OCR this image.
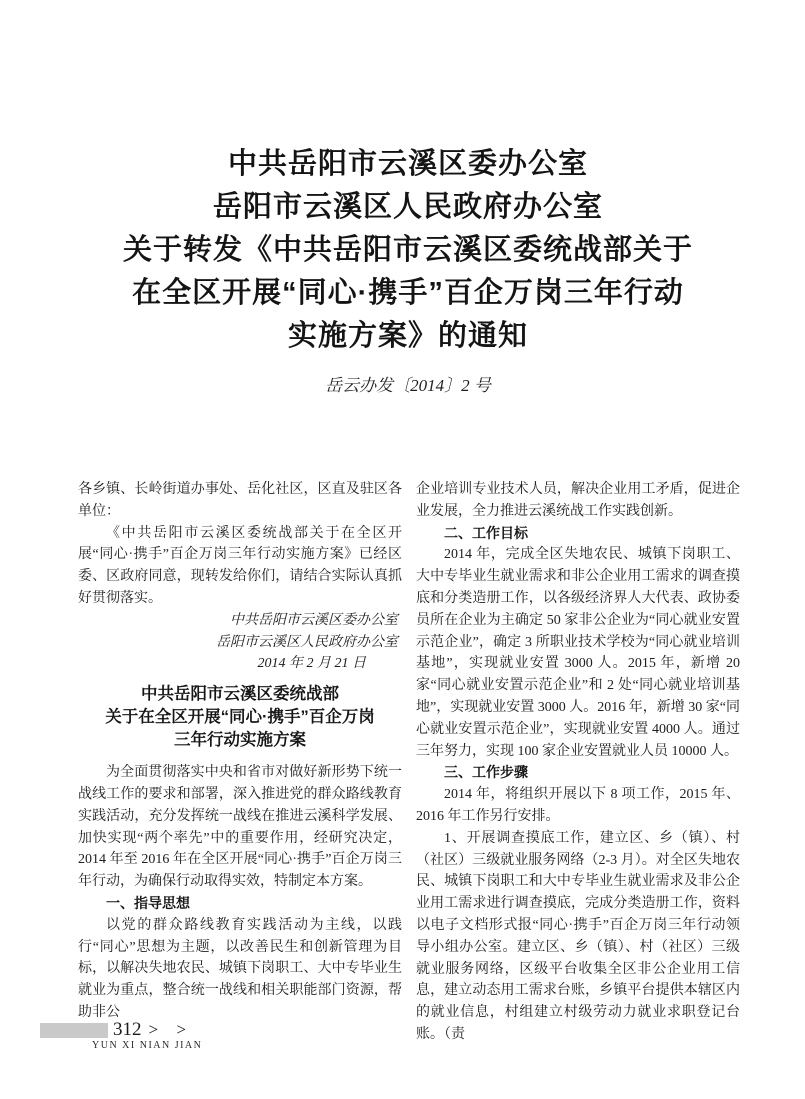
中共岳阳市云溪区委办公室
岳阳市云溪区人民政府办公室
关于转发《中共岳阳市云溪区委统战部关于
在全区开展“同心·携手”百企万岗三年行动
实施方案》的通知
岳云办发〔2014〕2 号

各乡镇、长岭街道办事处、岳化社区，区直及驻区各单位：

《中共岳阳市云溪区委统战部关于在全区开展“同心·携手”百企万岗三年行动实施方案》已经区委、区政府同意，现转发给你们，请结合实际认真抓好贯彻落实。

中共岳阳市云溪区委办公室
岳阳市云溪区人民政府办公室
2014 年 2 月 21 日
中共岳阳市云溪区委统战部
关于在全区开展“同心·携手”百企万岗
三年行动实施方案

为全面贯彻落实中央和省市对做好新形势下统一战线工作的要求和部署，深入推进党的群众路线教育实践活动，充分发挥统一战线在推进云溪科学发展、加快实现“两个率先”中的重要作用，经研究决定，2014 年至 2016 年在全区开展“同心·携手”百企万岗三年行动，为确保行动取得实效，特制定本方案。

一、指导思想

以党的群众路线教育实践活动为主线，以践行“同心”思想为主题，以改善民生和创新管理为目标，以解决失地农民、城镇下岗职工、大中专毕业生就业为重点，整合统一战线和相关职能部门资源，帮助非公

企业培训专业技术人员，解决企业用工矛盾，促进企业发展，全力推进云溪统战工作实践创新。

二、工作目标

2014 年，完成全区失地农民、城镇下岗职工、大中专毕业生就业需求和非公企业用工需求的调查摸底和分类造册工作，以各级经济界人大代表、政协委员所在企业为主确定 50 家非公企业为“同心就业安置示范企业”，确定 3 所职业技术学校为“同心就业培训基地”，实现就业安置 3000 人。2015 年，新增 20 家“同心就业安置示范企业”和 2 处“同心就业培训基地”，实现就业安置 3000 人。2016 年，新增 30 家“同心就业安置示范企业”，实现就业安置 4000 人。通过三年努力，实现 100 家企业安置就业人员 10000 人。

三、工作步骤

2014 年，将组织开展以下 8 项工作，2015 年、2016 年工作另行安排。

1、开展调查摸底工作，建立区、乡（镇）、村（社区）三级就业服务网络（2-3 月）。对全区失地农民、城镇下岗职工和大中专毕业生就业需求及非公企业用工需求进行调查摸底，完成分类造册工作，资料以电子文档形式报“同心·携手”百企万岗三年行动领导小组办公室。建立区、乡（镇）、村（社区）三级就业服务网络，区级平台收集全区非公企业用工信息，建立动态用工需求台账，乡镇平台提供本辖区内的就业信息，村组建立村级劳动力就业求职登记台账。（责

312 > >
YUN XI NIAN JIAN
